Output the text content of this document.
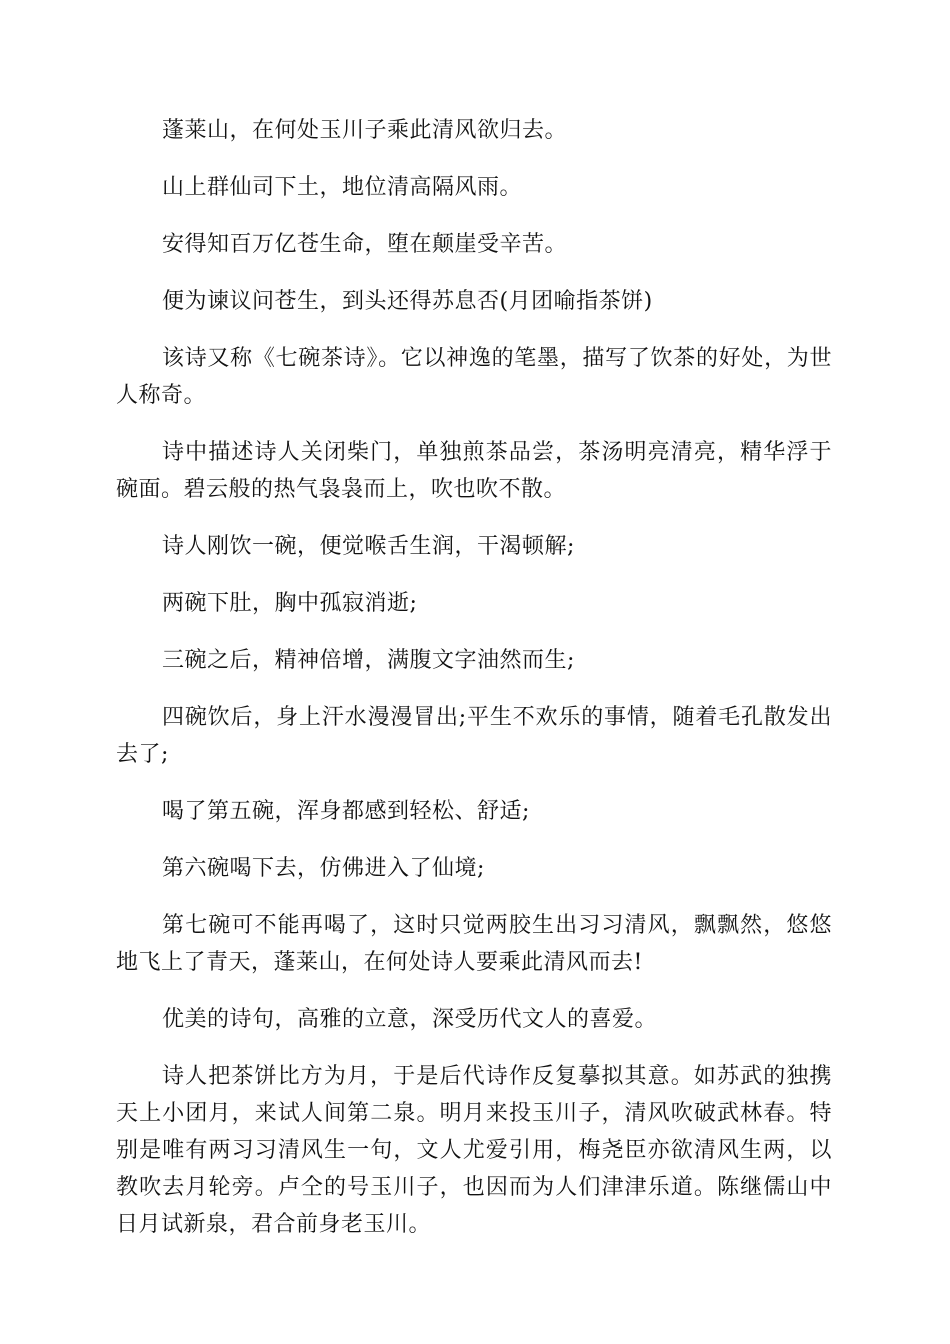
蓬莱山，在何处玉川子乘此清风欲归去。

山上群仙司下土，地位清高隔风雨。

安得知百万亿苍生命，堕在颠崖受辛苦。

便为谏议问苍生，到头还得苏息否(月团喻指茶饼)

该诗又称《七碗茶诗》。它以神逸的笔墨，描写了饮茶的好处，为世人称奇。

诗中描述诗人关闭柴门，单独煎茶品尝，茶汤明亮清亮，精华浮于碗面。碧云般的热气袅袅而上，吹也吹不散。

诗人刚饮一碗，便觉喉舌生润，干渴顿解;

两碗下肚，胸中孤寂消逝;

三碗之后，精神倍增，满腹文字油然而生;

四碗饮后，身上汗水漫漫冒出;平生不欢乐的事情，随着毛孔散发出去了;

喝了第五碗，浑身都感到轻松、舒适;

第六碗喝下去，仿佛进入了仙境;

第七碗可不能再喝了，这时只觉两胶生出习习清风，飘飘然，悠悠地飞上了青天，蓬莱山，在何处诗人要乘此清风而去!

优美的诗句，高雅的立意，深受历代文人的喜爱。

诗人把茶饼比方为月，于是后代诗作反复摹拟其意。如苏武的独携天上小团月，来试人间第二泉。明月来投玉川子，清风吹破武林春。特别是唯有两习习清风生一句，文人尤爱引用，梅尧臣亦欲清风生两，以教吹去月轮旁。卢仝的号玉川子，也因而为人们津津乐道。陈继儒山中日月试新泉，君合前身老玉川。
